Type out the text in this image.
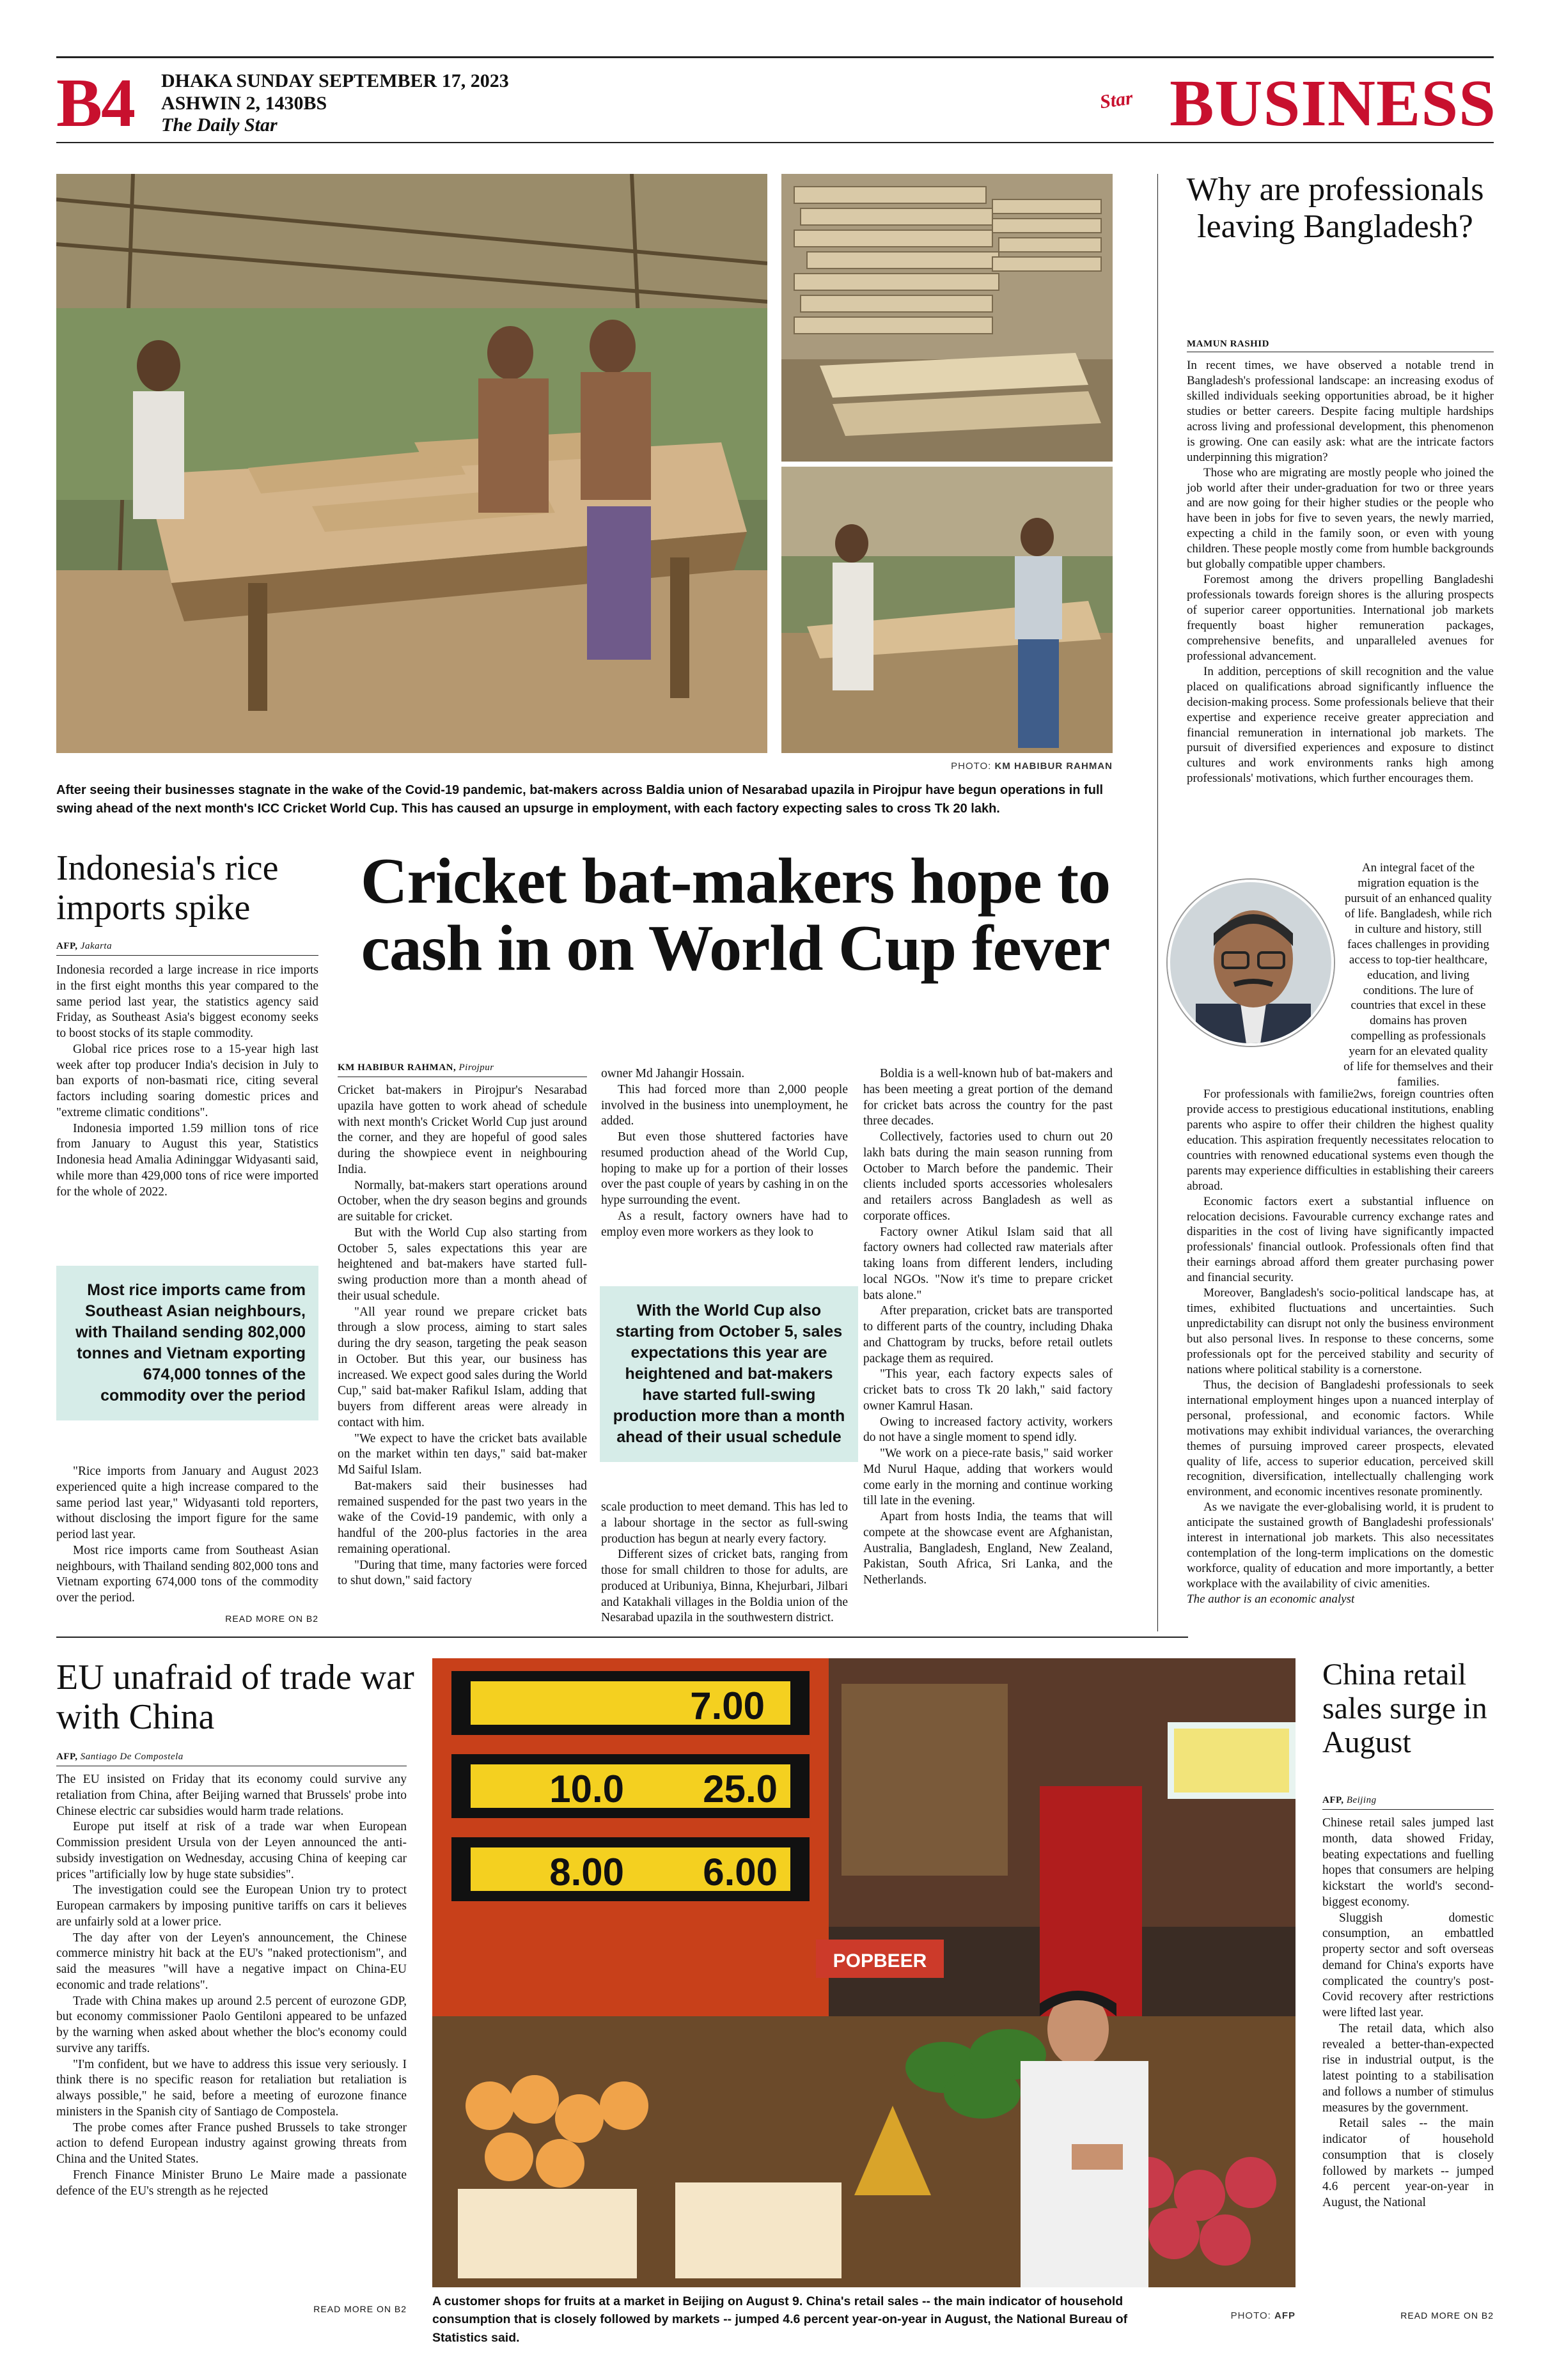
B4 DHAKA SUNDAY SEPTEMBER 17, 2023
ASHWIN 2, 1430BS
The Daily Star
Star BUSINESS
PHOTO: KM HABIBUR RAHMAN
After seeing their businesses stagnate in the wake of the Covid-19 pandemic, bat-makers across Baldia union of Nesarabad upazila in Pirojpur have begun operations in full swing ahead of the next month's ICC Cricket World Cup. This has caused an upsurge in employment, with each factory expecting sales to cross Tk 20 lakh.
Indonesia's rice imports spike
AFP, Jakarta

Indonesia recorded a large increase in rice imports in the first eight months this year compared to the same period last year, the statistics agency said Friday, as Southeast Asia's biggest economy seeks to boost stocks of its staple commodity.

Global rice prices rose to a 15-year high last week after top producer India's decision in July to ban exports of non-basmati rice, citing several factors including soaring domestic prices and "extreme climatic conditions".

Indonesia imported 1.59 million tons of rice from January to August this year, Statistics Indonesia head Amalia Adininggar Widyasanti said, while more than 429,000 tons of rice were imported for the whole of 2022.

Most rice imports came from Southeast Asian neighbours, with Thailand sending 802,000 tonnes and Vietnam exporting 674,000 tonnes of the commodity over the period

"Rice imports from January and August 2023 experienced quite a high increase compared to the same period last year," Widyasanti told reporters, without disclosing the import figure for the same period last year.

Most rice imports came from Southeast Asian neighbours, with Thailand sending 802,000 tons and Vietnam exporting 674,000 tons of the commodity over the period.

READ MORE ON B2
Cricket bat-makers hope to cash in on World Cup fever
KM HABIBUR RAHMAN, Pirojpur

Cricket bat-makers in Pirojpur's Nesarabad upazila have gotten to work ahead of schedule with next month's Cricket World Cup just around the corner, and they are hopeful of good sales during the showpiece event in neighbouring India.

Normally, bat-makers start operations around October, when the dry season begins and grounds are suitable for cricket.

But with the World Cup also starting from October 5, sales expectations this year are heightened and bat-makers have started full-swing production more than a month ahead of their usual schedule.

"All year round we prepare cricket bats through a slow process, aiming to start sales during the dry season, targeting the peak season in October. But this year, our business has increased. We expect good sales during the World Cup," said bat-maker Rafikul Islam, adding that buyers from different areas were already in contact with him.

"We expect to have the cricket bats available on the market within ten days," said bat-maker Md Saiful Islam.

Bat-makers said their businesses had remained suspended for the past two years in the wake of the Covid-19 pandemic, with only a handful of the 200-plus factories in the area remaining operational.

"During that time, many factories were forced to shut down," said factory

owner Md Jahangir Hossain.

This had forced more than 2,000 people involved in the business into unemployment, he added.

But even those shuttered factories have resumed production ahead of the World Cup, hoping to make up for a portion of their losses over the past couple of years by cashing in on the hype surrounding the event.

As a result, factory owners have had to employ even more workers as they look to

With the World Cup also starting from October 5, sales expectations this year are heightened and bat-makers have started full-swing production more than a month ahead of their usual schedule

scale production to meet demand. This has led to a labour shortage in the sector as full-swing production has begun at nearly every factory.

Different sizes of cricket bats, ranging from those for small children to those for adults, are produced at Uribuniya, Binna, Khejurbari, Jilbari and Katakhali villages in the Boldia union of the Nesarabad upazila in the southwestern district.

Boldia is a well-known hub of bat-makers and has been meeting a great portion of the demand for cricket bats across the country for the past three decades.

Collectively, factories used to churn out 20 lakh bats during the main season running from October to March before the pandemic. Their clients included sports accessories wholesalers and retailers across Bangladesh as well as corporate offices.

Factory owner Atikul Islam said that all factory owners had collected raw materials after taking loans from different lenders, including local NGOs. "Now it's time to prepare cricket bats alone."

After preparation, cricket bats are transported to different parts of the country, including Dhaka and Chattogram by trucks, before retail outlets package them as required.

"This year, each factory expects sales of cricket bats to cross Tk 20 lakh," said factory owner Kamrul Hasan.

Owing to increased factory activity, workers do not have a single moment to spend idly.

"We work on a piece-rate basis," said worker Md Nurul Haque, adding that workers would come early in the morning and continue working till late in the evening.

Apart from hosts India, the teams that will compete at the showcase event are Afghanistan, Australia, Bangladesh, England, New Zealand, Pakistan, South Africa, Sri Lanka, and the Netherlands.

Why are professionals leaving Bangladesh?
MAMUN RASHID

In recent times, we have observed a notable trend in Bangladesh's professional landscape: an increasing exodus of skilled individuals seeking opportunities abroad, be it higher studies or better careers. Despite facing multiple hardships across living and professional development, this phenomenon is growing. One can easily ask: what are the intricate factors underpinning this migration?

Those who are migrating are mostly people who joined the job world after their under-graduation for two or three years and are now going for their higher studies or the people who have been in jobs for five to seven years, the newly married, expecting a child in the family soon, or even with young children. These people mostly come from humble backgrounds but globally compatible upper chambers.

Foremost among the drivers propelling Bangladeshi professionals towards foreign shores is the alluring prospects of superior career opportunities. International job markets frequently boast higher remuneration packages, comprehensive benefits, and unparalleled avenues for professional advancement.

In addition, perceptions of skill recognition and the value placed on qualifications abroad significantly influence the decision-making process. Some professionals believe that their expertise and experience receive greater appreciation and financial remuneration in international job markets. The pursuit of diversified experiences and exposure to distinct cultures and work environments ranks high among professionals' motivations, which further encourages them.

An integral facet of the migration equation is the pursuit of an enhanced quality of life. Bangladesh, while rich in culture and history, still faces challenges in providing access to top-tier healthcare, education, and living conditions. The lure of countries that excel in these domains has proven compelling as professionals yearn for an elevated quality of life for themselves and their families.

For professionals with familie2ws, foreign countries often provide access to prestigious educational institutions, enabling parents who aspire to offer their children the highest quality education. This aspiration frequently necessitates relocation to countries with renowned educational systems even though the parents may experience difficulties in establishing their careers abroad.

Economic factors exert a substantial influence on relocation decisions. Favourable currency exchange rates and disparities in the cost of living have significantly impacted professionals' financial outlook. Professionals often find that their earnings abroad afford them greater purchasing power and financial security.

Moreover, Bangladesh's socio-political landscape has, at times, exhibited fluctuations and uncertainties. Such unpredictability can disrupt not only the business environment but also personal lives. In response to these concerns, some professionals opt for the perceived stability and security of nations where political stability is a cornerstone.

Thus, the decision of Bangladeshi professionals to seek international employment hinges upon a nuanced interplay of personal, professional, and economic factors. While motivations may exhibit individual variances, the overarching themes of pursuing improved career prospects, elevated quality of life, access to superior education, perceived skill recognition, diversification, intellectually challenging work environment, and economic incentives resonate prominently.

As we navigate the ever-globalising world, it is prudent to anticipate the sustained growth of Bangladeshi professionals' interest in international job markets. This also necessitates contemplation of the long-term implications on the domestic workforce, quality of education and more importantly, a better workplace with the availability of civic amenities.

The author is an economic analyst

EU unafraid of trade war with China
AFP, Santiago De Compostela

The EU insisted on Friday that its economy could survive any retaliation from China, after Beijing warned that Brussels' probe into Chinese electric car subsidies would harm trade relations.

Europe put itself at risk of a trade war when European Commission president Ursula von der Leyen announced the anti-subsidy investigation on Wednesday, accusing China of keeping car prices "artificially low by huge state subsidies".

The investigation could see the European Union try to protect European carmakers by imposing punitive tariffs on cars it believes are unfairly sold at a lower price.

The day after von der Leyen's announcement, the Chinese commerce ministry hit back at the EU's "naked protectionism", and said the measures "will have a negative impact on China-EU economic and trade relations".

Trade with China makes up around 2.5 percent of eurozone GDP, but economy commissioner Paolo Gentiloni appeared to be unfazed by the warning when asked about whether the bloc's economy could survive any tariffs.

"I'm confident, but we have to address this issue very seriously. I think there is no specific reason for retaliation but retaliation is always possible," he said, before a meeting of eurozone finance ministers in the Spanish city of Santiago de Compostela.

The probe comes after France pushed Brussels to take stronger action to defend European industry against growing threats from China and the United States.

French Finance Minister Bruno Le Maire made a passionate defence of the EU's strength as he rejected

READ MORE ON B2
7.00
10.0 25.0
8.00 6.00
POPBEER
A customer shops for fruits at a market in Beijing on August 9. China's retail sales -- the main indicator of household consumption that is closely followed by markets -- jumped 4.6 percent year-on-year in August, the National Bureau of Statistics said.
PHOTO: AFP
China retail sales surge in August
AFP, Beijing

Chinese retail sales jumped last month, data showed Friday, beating expectations and fuelling hopes that consumers are helping kickstart the world's second-biggest economy.

Sluggish domestic consumption, an embattled property sector and soft overseas demand for China's exports have complicated the country's post-Covid recovery after restrictions were lifted last year.

The retail data, which also revealed a better-than-expected rise in industrial output, is the latest pointing to a stabilisation and follows a number of stimulus measures by the government.

Retail sales -- the main indicator of household consumption that is closely followed by markets -- jumped 4.6 percent year-on-year in August, the National

READ MORE ON B2
